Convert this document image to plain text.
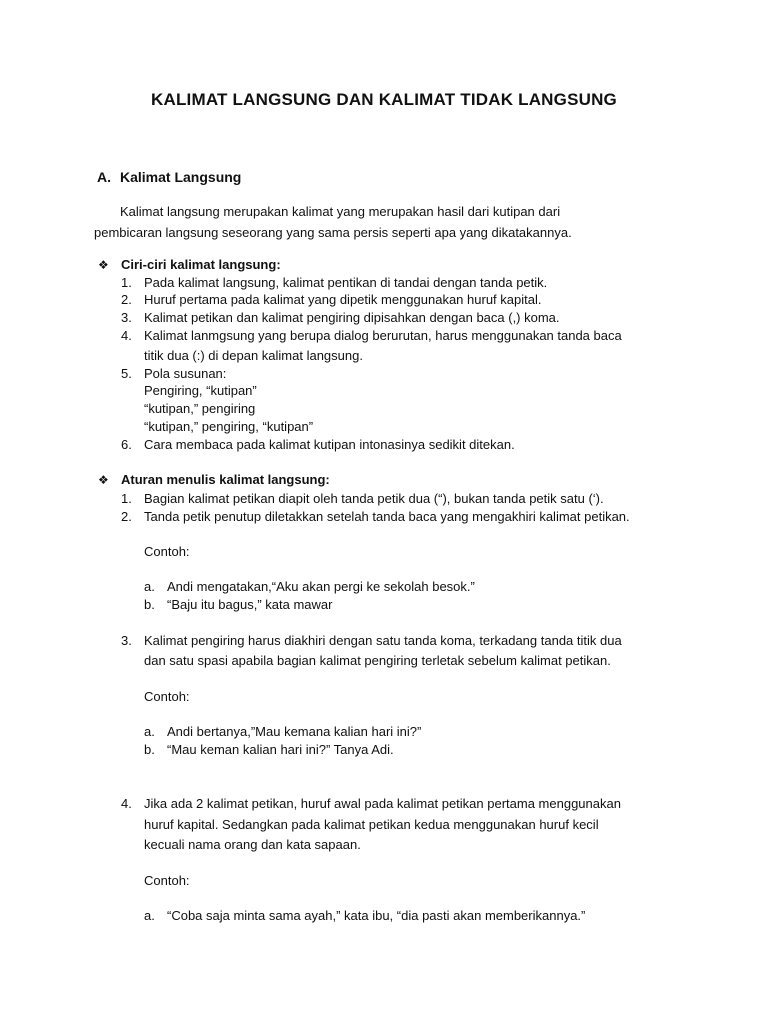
KALIMAT LANGSUNG DAN KALIMAT TIDAK LANGSUNG
A. Kalimat Langsung
Kalimat langsung merupakan kalimat yang merupakan hasil dari kutipan dari
pembicaran langsung seseorang yang sama persis seperti apa yang dikatakannya.
❖ Ciri-ciri kalimat langsung:
1. Pada kalimat langsung, kalimat pentikan di tandai dengan tanda petik.
2. Huruf pertama pada kalimat yang dipetik menggunakan huruf kapital.
3. Kalimat petikan dan kalimat pengiring dipisahkan dengan baca (,) koma.
4. Kalimat lanmgsung yang berupa dialog berurutan, harus menggunakan tanda baca
titik dua (:) di depan kalimat langsung.
5. Pola susunan:
Pengiring, “kutipan”
“kutipan,” pengiring
“kutipan,” pengiring, “kutipan”
6. Cara membaca pada kalimat kutipan intonasinya sedikit ditekan.
❖ Aturan menulis kalimat langsung:
1. Bagian kalimat petikan diapit oleh tanda petik dua (“), bukan tanda petik satu (‘).
2. Tanda petik penutup diletakkan setelah tanda baca yang mengakhiri kalimat petikan.
Contoh:
a. Andi mengatakan,“Aku akan pergi ke sekolah besok.”
b. “Baju itu bagus,” kata mawar
3. Kalimat pengiring harus diakhiri dengan satu tanda koma, terkadang tanda titik dua
dan satu spasi apabila bagian kalimat pengiring terletak sebelum kalimat petikan.
Contoh:
a. Andi bertanya,”Mau kemana kalian hari ini?”
b. “Mau keman kalian hari ini?” Tanya Adi.
4. Jika ada 2 kalimat petikan, huruf awal pada kalimat petikan pertama menggunakan
huruf kapital. Sedangkan pada kalimat petikan kedua menggunakan huruf kecil
kecuali nama orang dan kata sapaan.
Contoh:
a. “Coba saja minta sama ayah,” kata ibu, “dia pasti akan memberikannya.”
